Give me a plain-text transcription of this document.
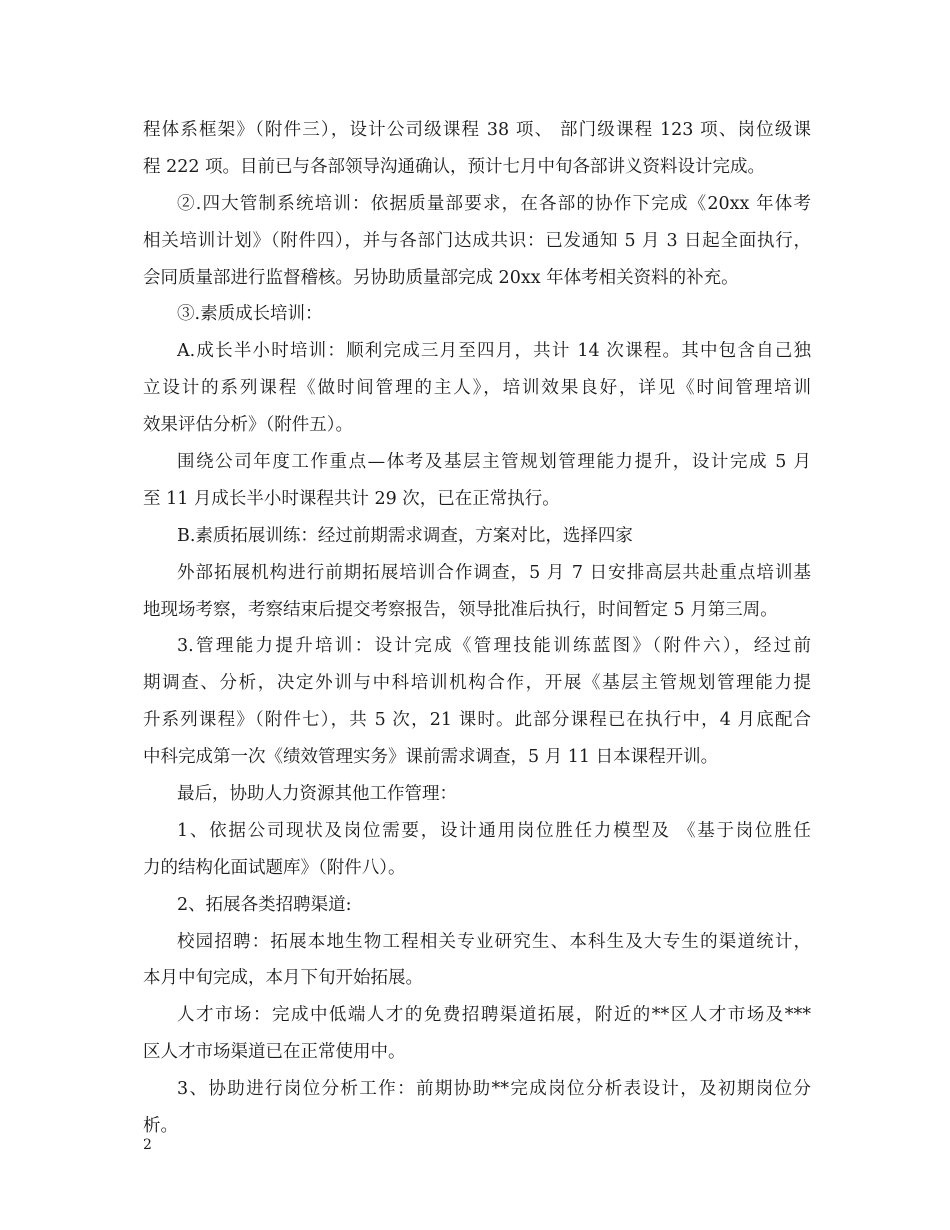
程体系框架》（附件三），设计公司级课程 38 项、 部门级课程 123 项、岗位级课
程 222 项。目前已与各部领导沟通确认，预计七月中旬各部讲义资料设计完成。
②.四大管制系统培训：依据质量部要求，在各部的协作下完成《20xx 年体考
相关培训计划》（附件四），并与各部门达成共识：已发通知 5 月 3 日起全面执行，
会同质量部进行监督稽核。另协助质量部完成 20xx 年体考相关资料的补充。
③.素质成长培训：
A.成长半小时培训：顺利完成三月至四月，共计 14 次课程。其中包含自己独
立设计的系列课程《做时间管理的主人》，培训效果良好，详见《时间管理培训
效果评估分析》（附件五）。
围绕公司年度工作重点—体考及基层主管规划管理能力提升，设计完成 5 月
至 11 月成长半小时课程共计 29 次，已在正常执行。
B.素质拓展训练：经过前期需求调查，方案对比，选择四家
外部拓展机构进行前期拓展培训合作调查，5 月 7 日安排高层共赴重点培训基
地现场考察，考察结束后提交考察报告，领导批准后执行，时间暂定 5 月第三周。
3.管理能力提升培训：设计完成《管理技能训练蓝图》（附件六），经过前
期调查、分析，决定外训与中科培训机构合作，开展《基层主管规划管理能力提
升系列课程》（附件七），共 5 次，21 课时。此部分课程已在执行中，4 月底配合
中科完成第一次《绩效管理实务》课前需求调查，5 月 11 日本课程开训。
最后，协助人力资源其他工作管理：
1、依据公司现状及岗位需要，设计通用岗位胜任力模型及 《基于岗位胜任
力的结构化面试题库》（附件八）。
2、拓展各类招聘渠道:
校园招聘：拓展本地生物工程相关专业研究生、本科生及大专生的渠道统计，
本月中旬完成，本月下旬开始拓展。
人才市场：完成中低端人才的免费招聘渠道拓展，附近的**区人才市场及***
区人才市场渠道已在正常使用中。
3、协助进行岗位分析工作：前期协助**完成岗位分析表设计，及初期岗位分
析。
2
